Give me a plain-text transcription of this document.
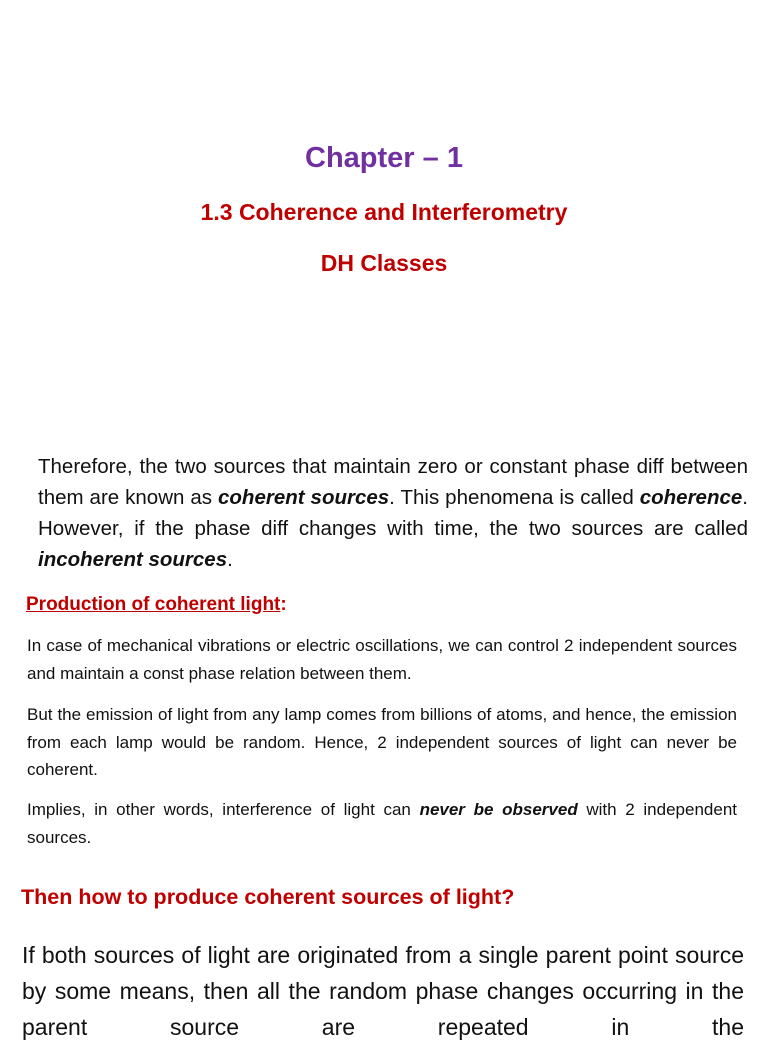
Chapter – 1
1.3 Coherence and Interferometry
DH Classes
Therefore, the two sources that maintain zero or constant phase diff between them are known as coherent sources. This phenomena is called coherence. However, if the phase diff changes with time, the two sources are called incoherent sources.
Production of coherent light:
In case of mechanical vibrations or electric oscillations, we can control 2 independent sources and maintain a const phase relation between them.
But the emission of light from any lamp comes from billions of atoms, and hence, the emission from each lamp would be random. Hence, 2 independent sources of light can never be coherent.
Implies, in other words, interference of light can never be observed with 2 independent sources.
Then how to produce coherent sources of light?
If both sources of light are originated from a single parent point source by some means, then all the random phase changes occurring in the parent source are repeated in the
